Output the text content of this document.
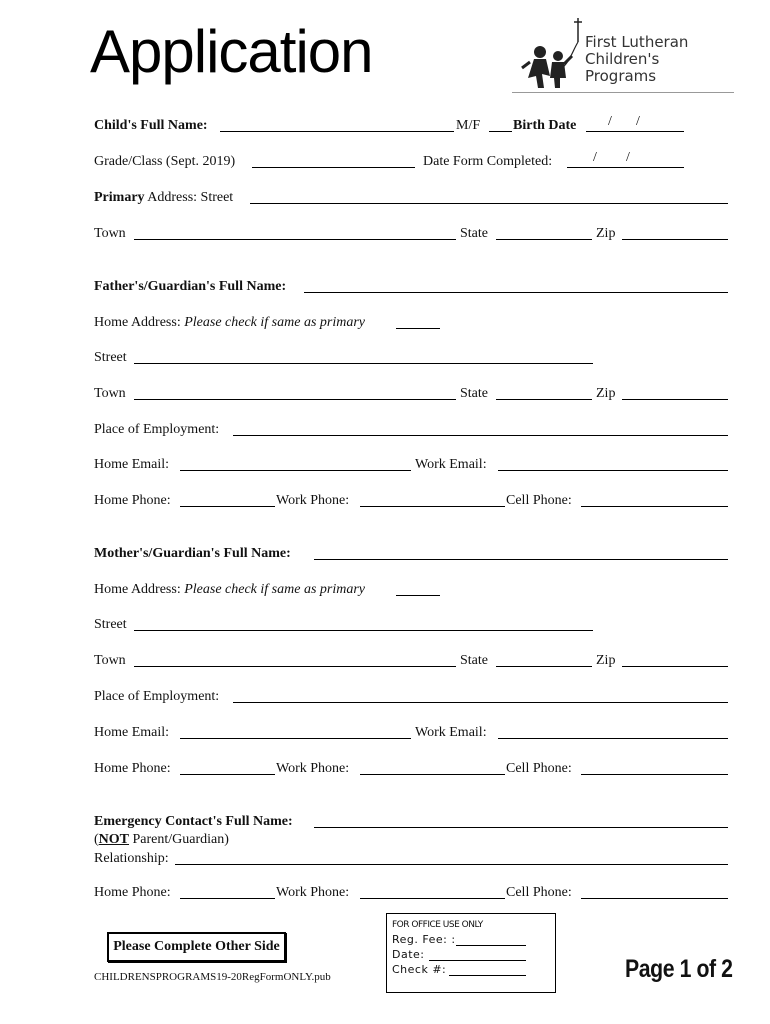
Application	First Lutheran
Children's
Programs
Child's Full Name:	M/F Birth Date / /
Grade/Class (Sept. 2019)	Date Form Completed:	/ /
Primary Address: Street
Town	State	Zip
Father's/Guardian's Full Name:
Home Address: Please check if same as primary
Street
Town	State	Zip
Place of Employment:
Home Email:	Work Email:
Home Phone:	Work Phone:	Cell Phone:
Mother's/Guardian's Full Name:
Home Address: Please check if same as primary
Street
Town	State	Zip
Place of Employment:
Home Email:	Work Email:
Home Phone:	Work Phone:	Cell Phone:
Emergency Contact's Full Name:
(NOT Parent/Guardian)
Relationship:
Home Phone:	Work Phone:	Cell Phone:
FOR OFFICE USE ONLY
Reg. Fee: :
Date:
Check #:
Please Complete Other Side
CHILDRENSPROGRAMS19-20RegFormONLY.pub	Page 1 of 2
